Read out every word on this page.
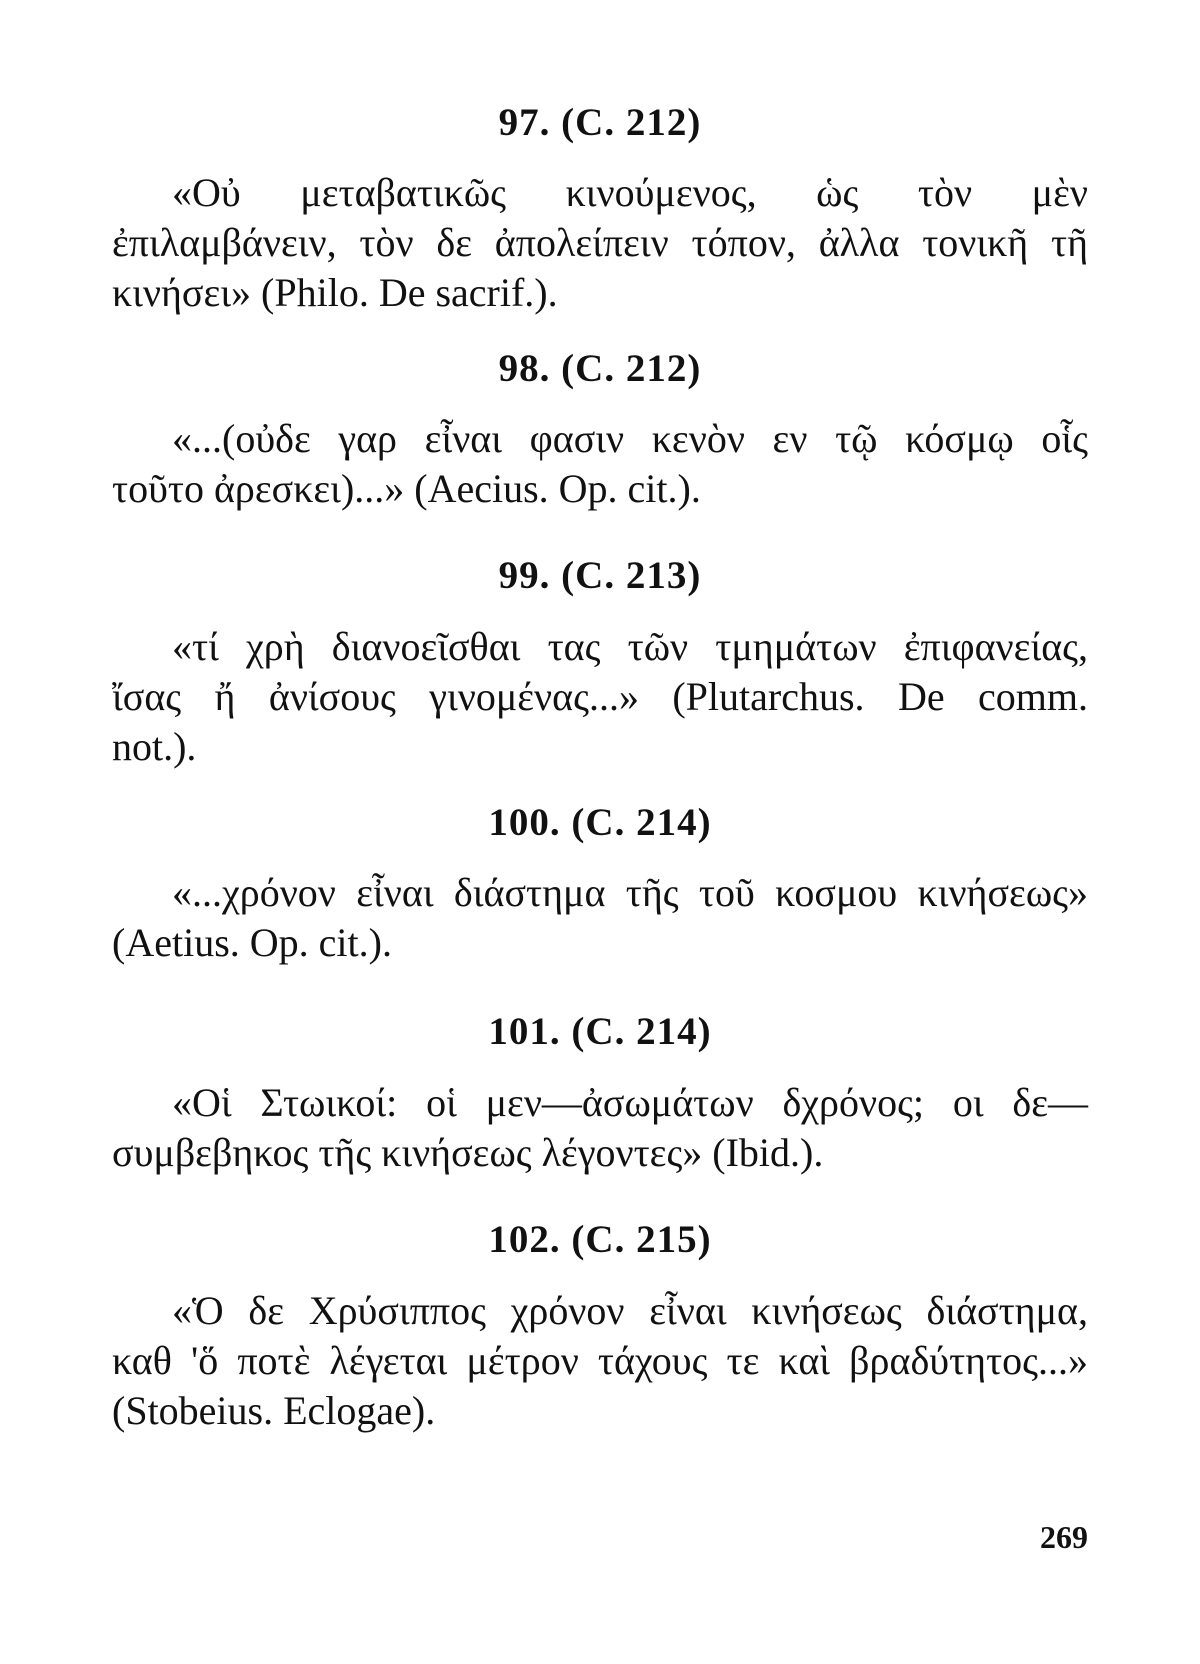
97. (C. 212)
«Οὐ μεταβατικῶς κινούμενος, ὡς τὸν μὲν
ἐπιλαμβάνειν, τὸν δε ἀπολείπειν τόπον, ἀλλα τονικῆ τῆ
κινήσει» (Philo. De sacrif.).
98. (C. 212)
«...(οὐδε γαρ εἶναι φασιν κενὸν εν τῷ κόσμῳ οἷς
τοῦτο ἀρεσκει)...» (Aecius. Op. cit.).
99. (C. 213)
«τί χρὴ διανοεῖσθαι τας τῶν τμημάτων ἐπιφανείας,
ἴσας ἤ ἀνίσους γινομένας...» (Plutarchus. De comm.
not.).
100. (C. 214)
«...χρόνον εἶναι διάστημα τῆς τοῦ κοσμου κινήσεως»
(Aetius. Op. cit.).
101. (C. 214)
«Οἱ Στωικοί: οἱ μεν—ἀσωμάτων δχρόνος; οι δε—
συμβεβηκος τῆς κινήσεως λέγοντες» (Ibid.).
102. (C. 215)
«Ὁ δε Χρύσιππος χρόνον εἶναι κινήσεως διάστημα,
καθ 'ὅ ποτὲ λέγεται μέτρον τάχους τε καὶ βραδύτητος...»
(Stobeius. Eclogae).
269
